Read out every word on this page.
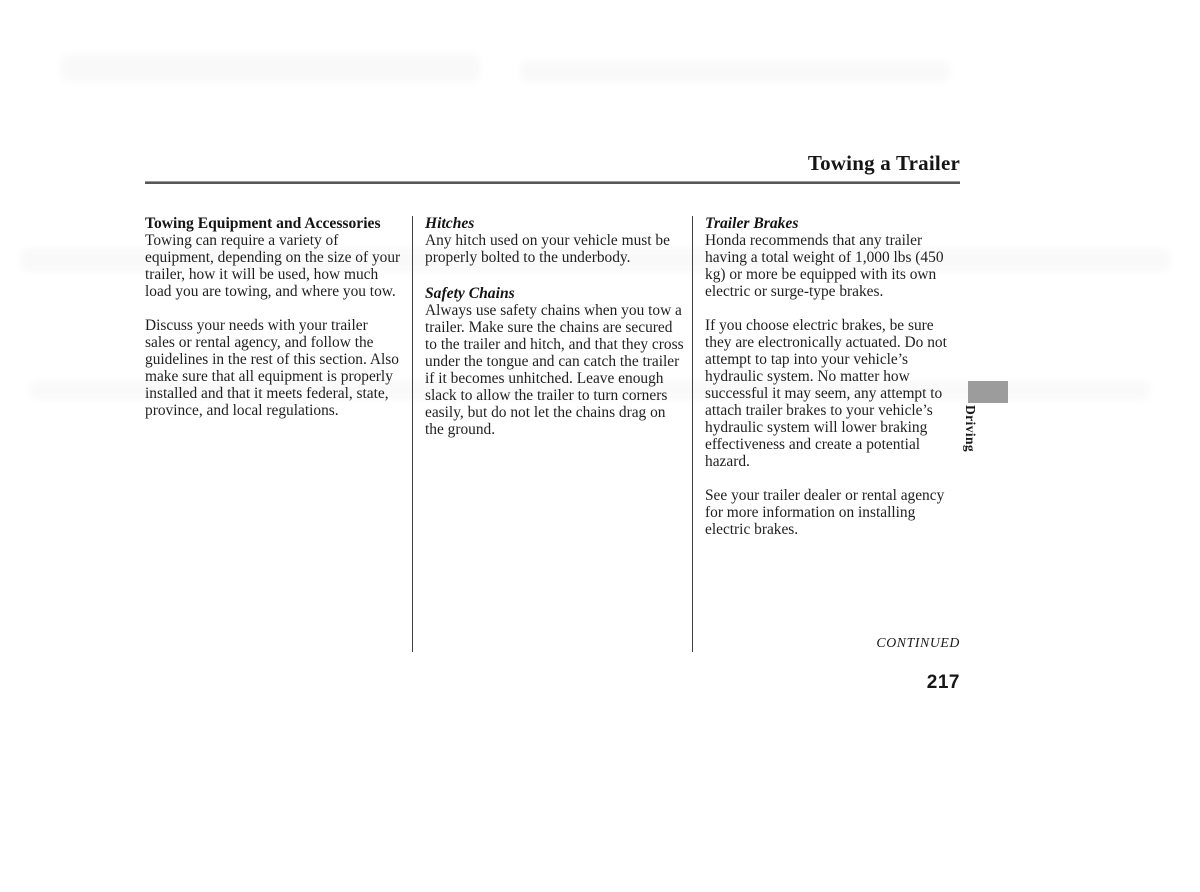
Towing a Trailer

Towing Equipment and Accessories

Towing can require a variety of equipment, depending on the size of your trailer, how it will be used, how much load you are towing, and where you tow.

Discuss your needs with your trailer sales or rental agency, and follow the guidelines in the rest of this section. Also make sure that all equipment is properly installed and that it meets federal, state, province, and local regulations.

Hitches

Any hitch used on your vehicle must be properly bolted to the underbody.

Safety Chains

Always use safety chains when you tow a trailer. Make sure the chains are secured to the trailer and hitch, and that they cross under the tongue and can catch the trailer if it becomes unhitched. Leave enough slack to allow the trailer to turn corners easily, but do not let the chains drag on the ground.

Trailer Brakes

Honda recommends that any trailer having a total weight of 1,000 lbs (450 kg) or more be equipped with its own electric or surge-type brakes.

If you choose electric brakes, be sure they are electronically actuated. Do not attempt to tap into your vehicle’s hydraulic system. No matter how successful it may seem, any attempt to attach trailer brakes to your vehicle’s hydraulic system will lower braking effectiveness and create a potential hazard.

See your trailer dealer or rental agency for more information on installing electric brakes.

Driving
CONTINUED
217
